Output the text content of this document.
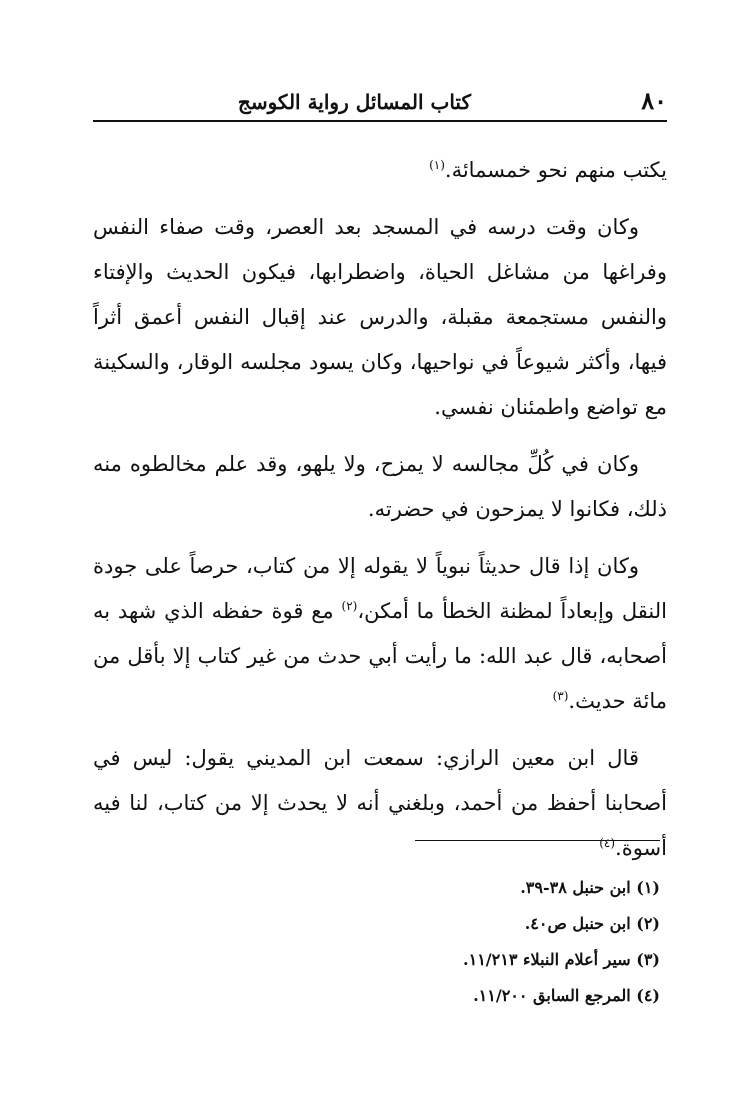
٨٠
كتاب المسائل رواية الكوسج

يكتب منهم نحو خمسمائة.$^{(١)}$

وكان وقت درسه في المسجد بعد العصر، وقت صفاء النفس وفراغها من مشاغل الحياة، واضطرابها، فيكون الحديث والإفتاء والنفس مستجمعة مقبلة، والدرس عند إقبال النفس أعمق أثراً فيها، وأكثر شيوعاً في نواحيها، وكان يسود مجلسه الوقار، والسكينة مع تواضع واطمئنان نفسي.

وكان في كُلِّ مجالسه لا يمزح، ولا يلهو، وقد علم مخالطوه منه ذلك، فكانوا لا يمزحون في حضرته.

وكان إذا قال حديثاً نبوياً لا يقوله إلا من كتاب، حرصاً على جودة النقل وإبعاداً لمظنة الخطأ ما أمكن،$^{(٢)}$ مع قوة حفظه الذي شهد به أصحابه، قال عبد الله: ما رأيت أبي حدث من غير كتاب إلا بأقل من مائة حديث.$^{(٣)}$

قال ابن معين الرازي: سمعت ابن المديني يقول: ليس في أصحابنا أحفظ من أحمد، وبلغني أنه لا يحدث إلا من كتاب، لنا فيه أسوة.$^{(٤)}$

(١) ابن حنبل ٣٨-٣٩.

(٢) ابن حنبل ص٤٠.

(٣) سير أعلام النبلاء ١١/٢١٣.

(٤) المرجع السابق ١١/٢٠٠.
